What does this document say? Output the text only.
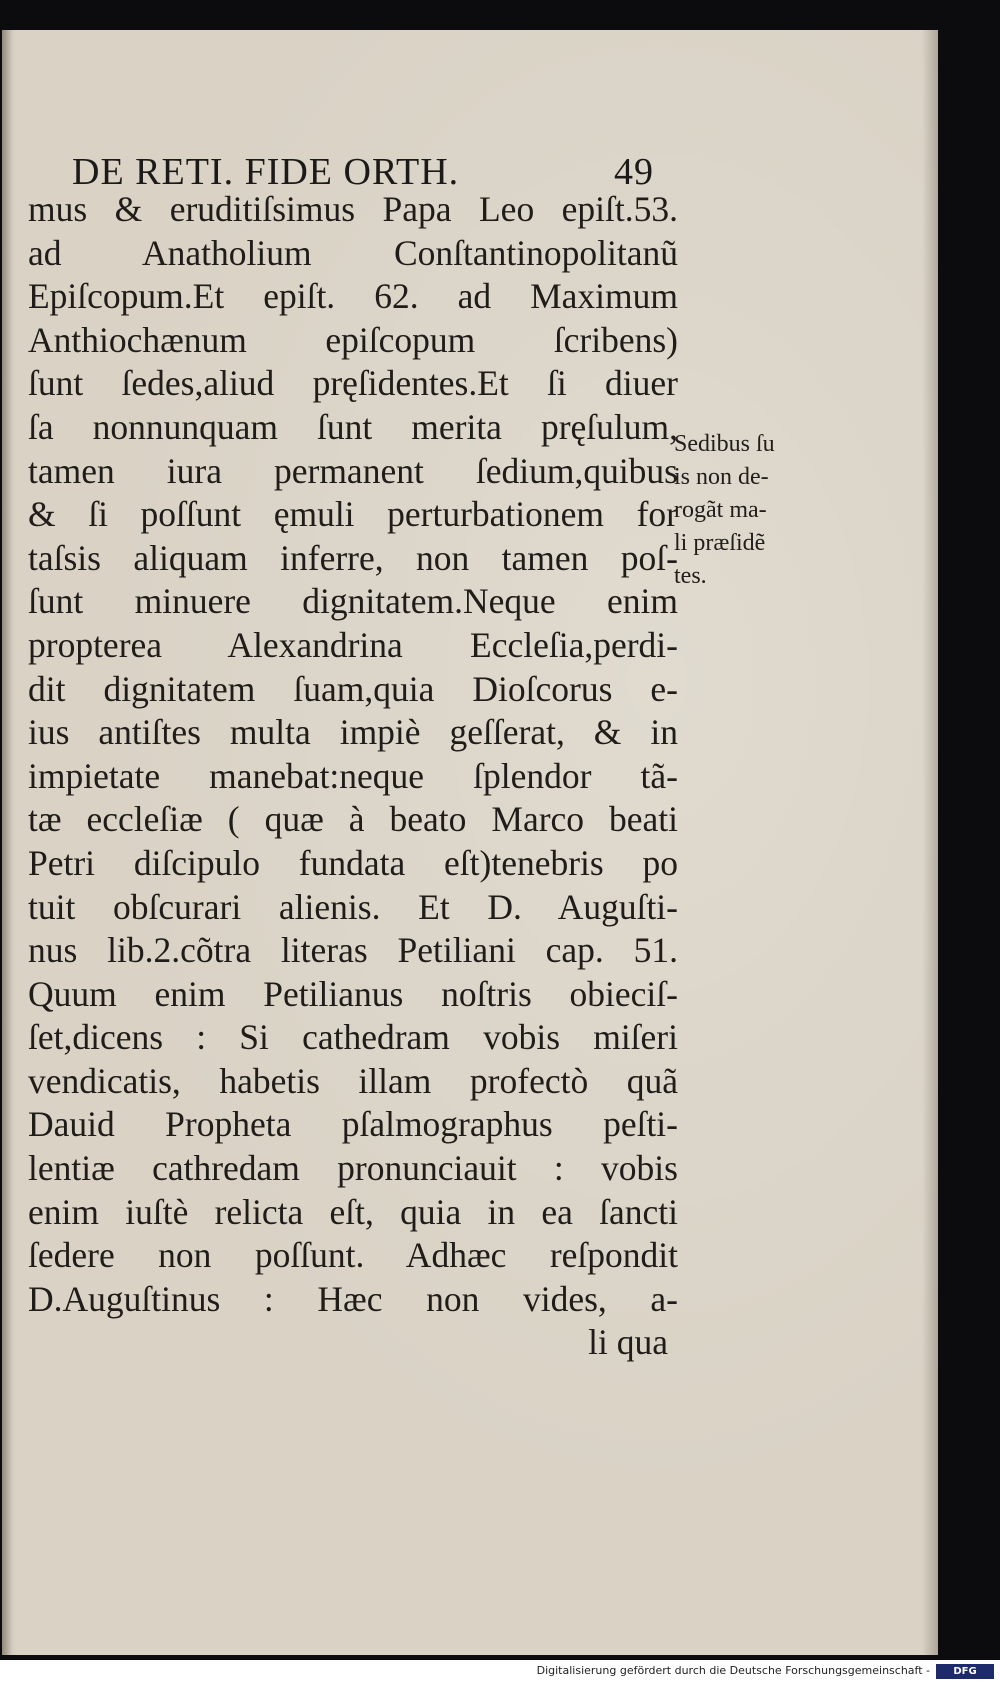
DE RETI. FIDE ORTH.	49
mus & eruditiſsimus Papa Leo epiſt.53.
ad Anatholium Conſtantinopolitanũ
Epiſcopum.Et epiſt. 62. ad Maximum
Anthiochænum epiſcopum ſcribens)
ſunt ſedes,aliud pręſidentes.Et ſi diuer
ſa nonnunquam ſunt merita pręſulum,
tamen iura permanent ſedium,quibus
& ſi poſſunt ęmuli perturbationem for
taſsis aliquam inferre, non tamen poſ-
ſunt minuere dignitatem.Neque enim
propterea Alexandrina Eccleſia,perdi-
dit dignitatem ſuam,quia Dioſcorus e-
ius antiſtes multa impiè geſſerat, & in
impietate manebat:neque ſplendor tã-
tæ eccleſiæ ( quæ à beato Marco beati
Petri diſcipulo fundata eſt)tenebris po
tuit obſcurari alienis. Et D. Auguſti-
nus lib.2.cõtra literas Petiliani cap. 51.
Quum enim Petilianus noſtris obieciſ-
ſet,dicens : Si cathedram vobis miſeri
vendicatis, habetis illam profectò quã
Dauid Propheta pſalmographus peſti-
lentiæ cathredam pronunciauit : vobis
enim iuſtè relicta eſt, quia in ea ſancti
ſedere non poſſunt. Adhæc reſpondit
D.Auguſtinus : Hæc non vides, a-
li qua
Sedibus ſu
is non de-
rogãt ma-
li præſidẽ
tes.
Digitalisierung gefördert durch die Deutsche Forschungsgemeinschaft -	DFG
